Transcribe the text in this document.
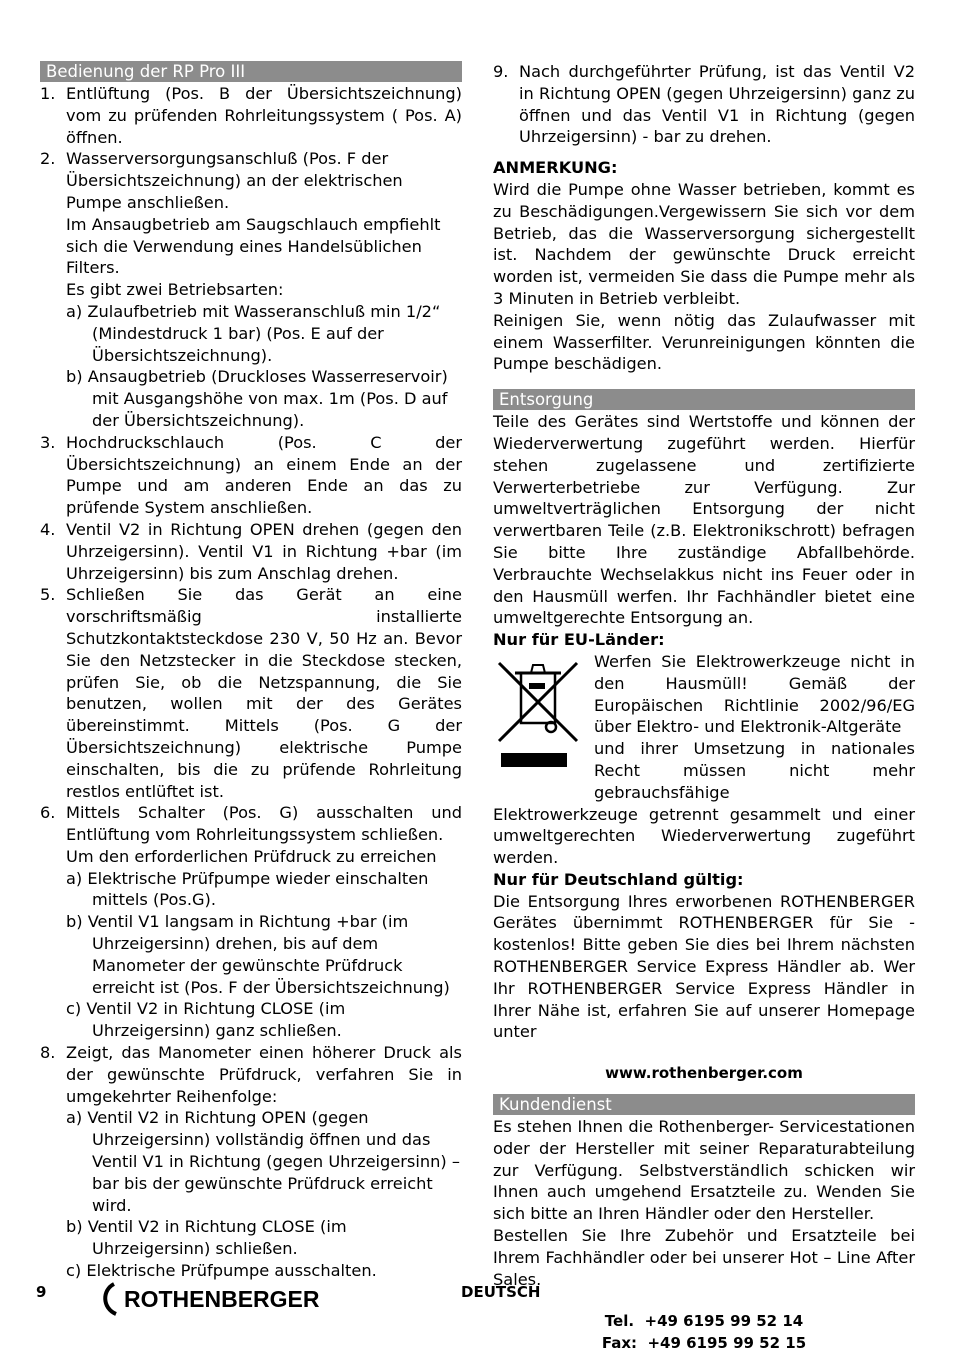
Bedienung der RP Pro III
1. Entlüftung (Pos. B der Übersichtszeichnung) vom zu prüfenden Rohrleitungssystem ( Pos. A) öffnen.
2. Wasserversorgungsanschluß (Pos. F der Übersichtszeichnung) an der elektrischen Pumpe anschließen.
Im Ansaugbetrieb am Saugschlauch empfiehlt sich die Verwendung eines Handelsüblichen Filters.
Es gibt zwei Betriebsarten:
a) Zulaufbetrieb mit Wasseranschluß min 1/2“ (Mindestdruck 1 bar) (Pos. E auf der Übersichtszeichnung).
b) Ansaugbetrieb (Druckloses Wasserreservoir) mit Ausgangshöhe von max. 1m (Pos. D auf der Übersichtszeichnung).
3. Hochdruckschlauch (Pos. C der Übersichtszeichnung) an einem Ende an der Pumpe und am anderen Ende an das zu prüfende System anschließen.
4. Ventil V2 in Richtung OPEN drehen (gegen den Uhrzeigersinn). Ventil V1 in Richtung +bar (im Uhrzeigersinn) bis zum Anschlag drehen.
5. Schließen Sie das Gerät an eine vorschriftsmäßig installierte Schutzkontaktsteckdose 230 V, 50 Hz an. Bevor Sie den Netzstecker in die Steckdose stecken, prüfen Sie, ob die Netzspannung, die Sie benutzen, wollen mit der des Gerätes übereinstimmt. Mittels (Pos. G der Übersichtszeichnung) elektrische Pumpe einschalten, bis die zu prüfende Rohrleitung restlos entlüftet ist.
6. Mittels Schalter (Pos. G) ausschalten und Entlüftung vom Rohrleitungssystem schließen.
Um den erforderlichen Prüfdruck zu erreichen
a) Elektrische Prüfpumpe wieder einschalten mittels (Pos.G).
b) Ventil V1 langsam in Richtung +bar (im Uhrzeigersinn) drehen, bis auf dem Manometer der gewünschte Prüfdruck erreicht ist (Pos. F der Übersichtszeichnung)
c) Ventil V2 in Richtung CLOSE (im Uhrzeigersinn) ganz schließen.
8. Zeigt, das Manometer einen höherer Druck als der gewünschte Prüfdruck, verfahren Sie in umgekehrter Reihenfolge:
a) Ventil V2 in Richtung OPEN (gegen Uhrzeigersinn) vollständig öffnen und das Ventil V1 in Richtung (gegen Uhrzeigersinn) –bar bis der gewünschte Prüfdruck erreicht wird.
b) Ventil V2 in Richtung CLOSE (im Uhrzeigersinn) schließen.
c) Elektrische Prüfpumpe ausschalten.
9. Nach durchgeführter Prüfung, ist das Ventil V2 in Richtung OPEN (gegen Uhrzeigersinn) ganz zu öffnen und das Ventil V1 in Richtung (gegen Uhrzeigersinn) - bar zu drehen.
ANMERKUNG:
Wird die Pumpe ohne Wasser betrieben, kommt es zu Beschädigungen.Vergewissern Sie sich vor dem Betrieb, das die Wasserversorgung sichergestellt ist. Nachdem der gewünschte Druck erreicht worden ist, vermeiden Sie dass die Pumpe mehr als 3 Minuten in Betrieb verbleibt.
Reinigen Sie, wenn nötig das Zulaufwasser mit einem Wasserfilter. Verunreinigungen könnten die Pumpe beschädigen.
Entsorgung
Teile des Gerätes sind Wertstoffe und können der Wiederverwertung zugeführt werden. Hierfür stehen zugelassene und zertifizierte Verwerterbetriebe zur Verfügung. Zur umweltverträglichen Entsorgung der nicht verwertbaren Teile (z.B. Elektronikschrott) befragen Sie bitte Ihre zuständige Abfallbehörde. Verbrauchte Wechselakkus nicht ins Feuer oder in den Hausmüll werfen. Ihr Fachhändler bietet eine umweltgerechte Entsorgung an.
Nur für EU-Länder:
Werfen Sie Elektrowerkzeuge nicht in den Hausmüll! Gemäß der Europäischen Richtlinie 2002/96/EG über Elektro- und Elektronik-Altgeräte
und ihrer Umsetzung in nationales Recht müssen nicht mehr gebrauchsfähige
Elektrowerkzeuge getrennt gesammelt und einer umweltgerechten Wiederverwertung zugeführt werden.
Nur für Deutschland gültig:
Die Entsorgung Ihres erworbenen ROTHENBERGER Gerätes übernimmt ROTHENBERGER für Sie - kostenlos! Bitte geben Sie dies bei Ihrem nächsten ROTHENBERGER Service Express Händler ab. Wer Ihr ROTHENBERGER Service Express Händler in Ihrer Nähe ist, erfahren Sie auf unserer Homepage unter
www.rothenberger.com
Kundendienst
Es stehen Ihnen die Rothenberger- Servicestationen oder der Hersteller mit seiner Reparaturabteilung zur Verfügung. Selbstverständlich schicken wir Ihnen auch umgehend Ersatzteile zu. Wenden Sie sich bitte an Ihren Händler oder den Hersteller.
Bestellen Sie Ihre Zubehör und Ersatzteile bei Ihrem Fachhändler oder bei unserer Hot – Line After Sales.
Tel.  +49 6195 99 52 14
Fax:  +49 6195 99 52 15
9	ROTHENBERGER	DEUTSCH
